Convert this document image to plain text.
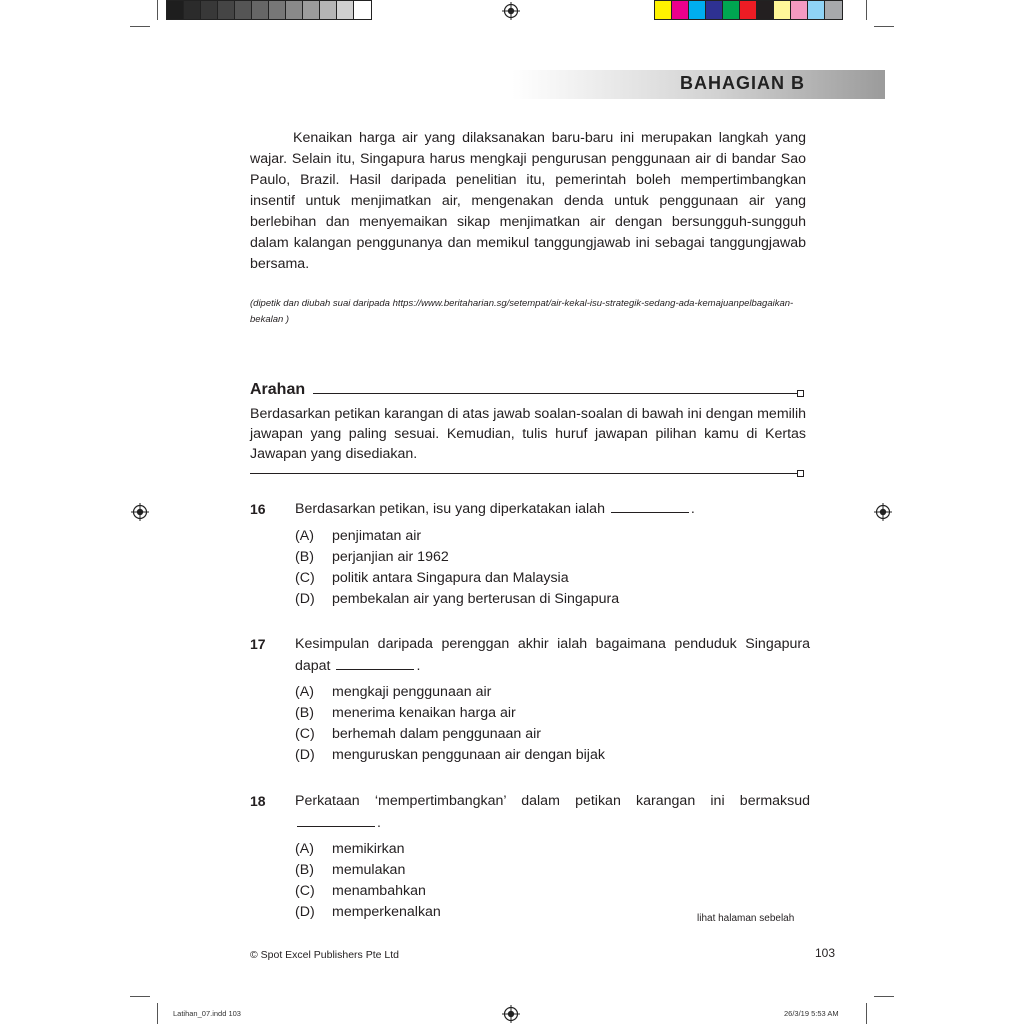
BAHAGIAN B
Kenaikan harga air yang dilaksanakan baru-baru ini merupakan langkah yang wajar. Selain itu, Singapura harus mengkaji pengurusan penggunaan air di bandar Sao Paulo, Brazil. Hasil daripada penelitian itu, pemerintah boleh mempertimbangkan insentif untuk menjimatkan air, mengenakan denda untuk penggunaan air yang berlebihan dan menyemaikan sikap menjimatkan air dengan bersungguh-sungguh dalam kalangan penggunanya dan memikul tanggungjawab ini sebagai tanggungjawab bersama.
(dipetik dan diubah suai daripada https://www.beritaharian.sg/setempat/air-kekal-isu-strategik-sedang-ada-kemajuanpelbagaikan-bekalan )
Arahan
Berdasarkan petikan karangan di atas jawab soalan-soalan di bawah ini dengan memilih jawapan yang paling sesuai. Kemudian, tulis huruf jawapan pilihan kamu di Kertas Jawapan yang disediakan.
16 Berdasarkan petikan, isu yang diperkatakan ialah	.
(A) penjimatan air
(B) perjanjian air 1962
(C) politik antara Singapura dan Malaysia
(D) pembekalan air yang berterusan di Singapura
17 Kesimpulan daripada perenggan akhir ialah bagaimana penduduk Singapura dapat	.
(A) mengkaji penggunaan air
(B) menerima kenaikan harga air
(C) berhemah dalam penggunaan air
(D) menguruskan penggunaan air dengan bijak
18 Perkataan ‘mempertimbangkan’ dalam petikan karangan ini bermaksud .
(A) memikirkan
(B) memulakan
(C) menambahkan
(D) memperkenalkan	lihat halaman sebelah
© Spot Excel Publishers Pte Ltd	103
Latihan_07.indd 103	26/3/19 5:53 AM
